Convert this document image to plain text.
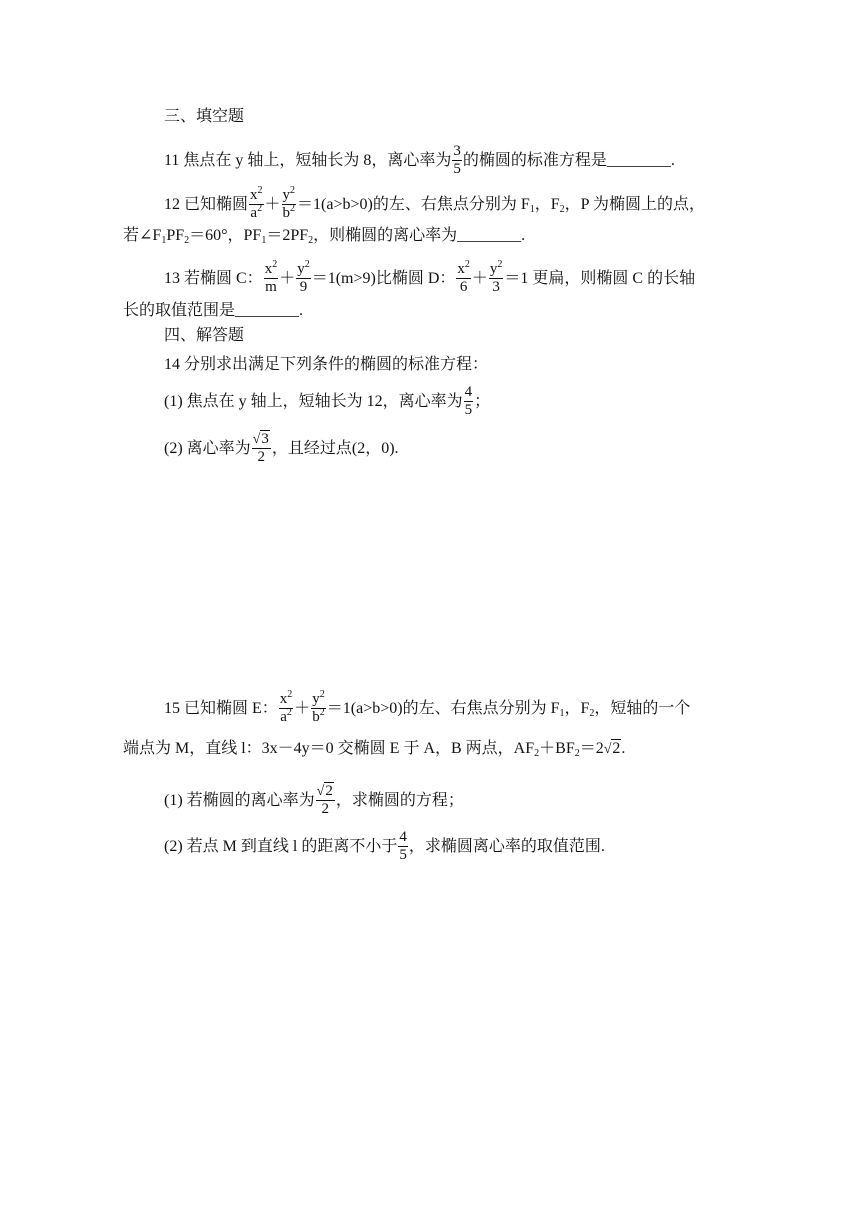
三、填空题
11 焦点在 y 轴上，短轴长为 8，离心率为 $\frac{3}{5}$ 的椭圆的标准方程是________.
12 已知椭圆 $\frac{x^2}{a^2} + \frac{y^2}{b^2} =1(a>b>0)$的左、右焦点分别为 $F_1$，$F_2$，P 为椭圆上的点，
若$\angle F_1PF_2=60^\circ$，$PF_1=2PF_2$，则椭圆的离心率为________.
13 若椭圆 C： $\frac{x^2}{m} + \frac{y^2}{9} =1(m>9)$比椭圆 D： $\frac{x^2}{6} + \frac{y^2}{3} =1$ 更扁，则椭圆 C 的长轴
长的取值范围是________.
四、解答题
14 分别求出满足下列条件的椭圆的标准方程：
(1) 焦点在 y 轴上，短轴长为 12，离心率为 $\frac{4}{5}$ ；
(2) 离心率为 $\frac{√3}{2}$ ，且经过点(2，0).
15 已知椭圆 E： $\frac{x^2}{a^2} + \frac{y^2}{b^2} =1(a>b>0)$的左、右焦点分别为 $F_1$，$F_2$，短轴的一个
端点为 M，直线 l：3x－4y＝0 交椭圆 E 于 A，B 两点，$AF_2+BF_2=2√2$.
(1) 若椭圆的离心率为 $\frac{√2}{2}$ ，求椭圆的方程；
(2) 若点 M 到直线 l 的距离不小于 $\frac{4}{5}$ ，求椭圆离心率的取值范围.
